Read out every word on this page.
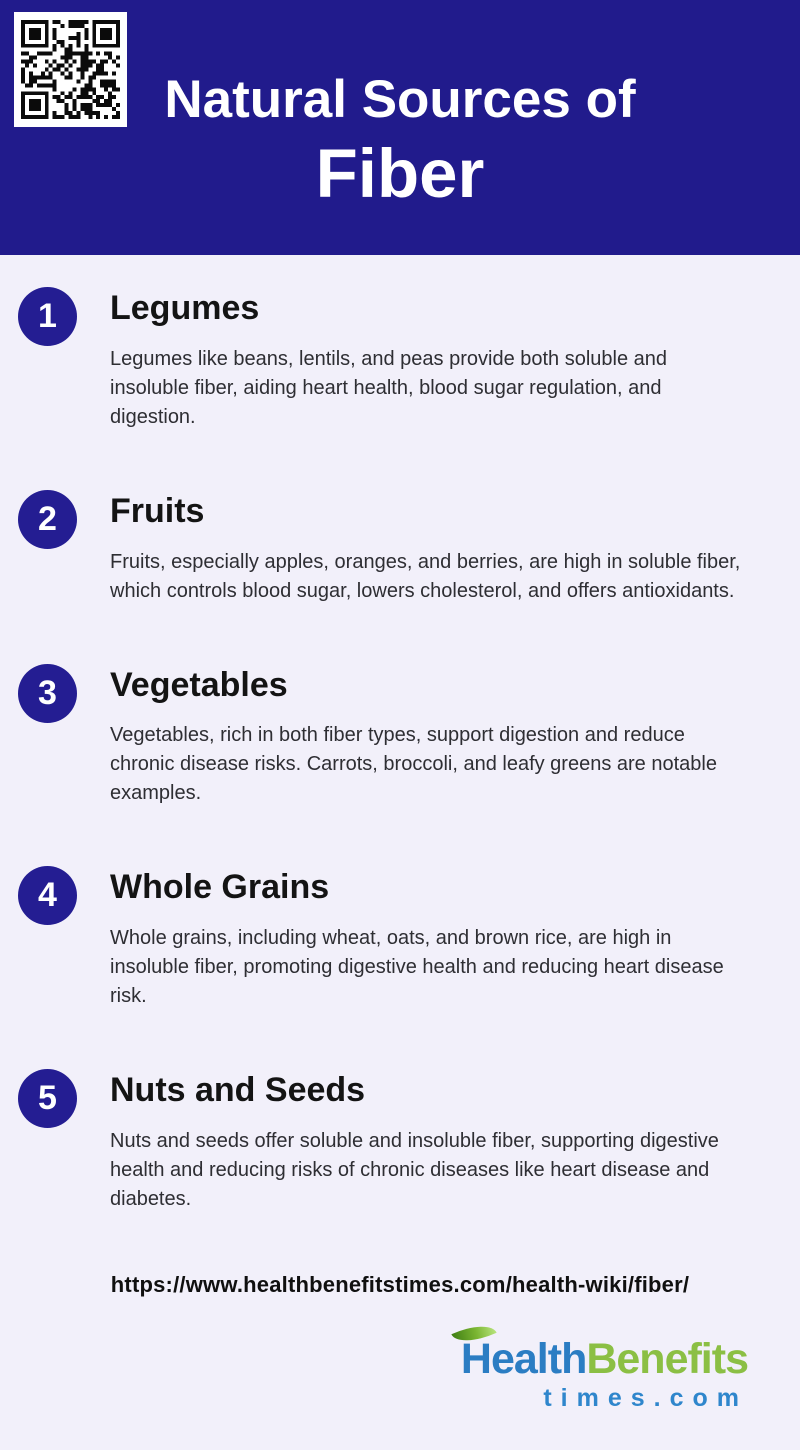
Natural Sources of
Fiber
1 Legumes

Legumes like beans, lentils, and peas provide both soluble and insoluble fiber, aiding heart health, blood sugar regulation, and digestion.

2 Fruits

Fruits, especially apples, oranges, and berries, are high in soluble fiber, which controls blood sugar, lowers cholesterol, and offers antioxidants.

3 Vegetables

Vegetables, rich in both fiber types, support digestion and reduce chronic disease risks. Carrots, broccoli, and leafy greens are notable examples.

4 Whole Grains

Whole grains, including wheat, oats, and brown rice, are high in insoluble fiber, promoting digestive health and reducing heart disease risk.

5 Nuts and Seeds

Nuts and seeds offer soluble and insoluble fiber, supporting digestive health and reducing risks of chronic diseases like heart disease and diabetes.

https://www.healthbenefitstimes.com/health-wiki/fiber/
HealthBenefits
times.com
